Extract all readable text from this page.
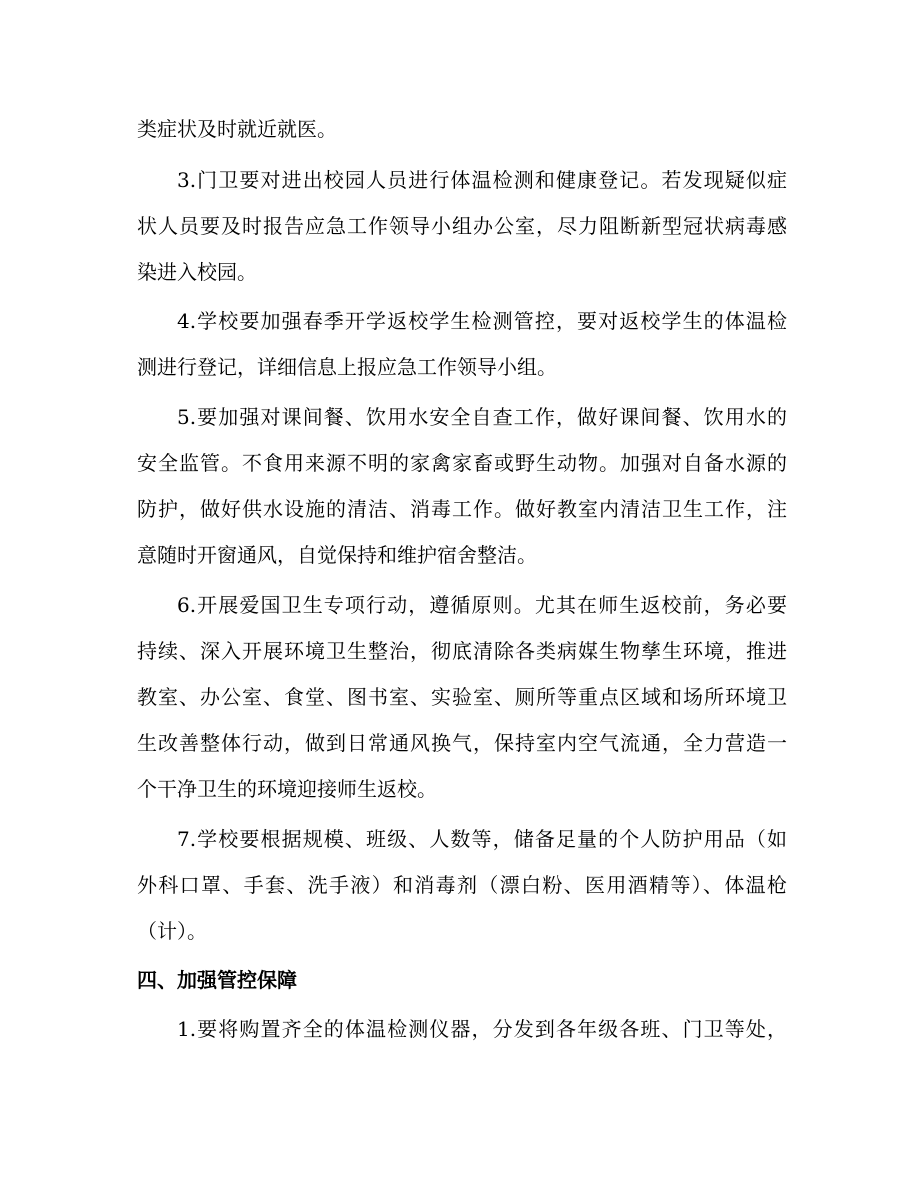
类症状及时就近就医。
3.门卫要对进出校园人员进行体温检测和健康登记。若发现疑似症
状人员要及时报告应急工作领导小组办公室，尽力阻断新型冠状病毒感
染进入校园。
4.学校要加强春季开学返校学生检测管控，要对返校学生的体温检
测进行登记，详细信息上报应急工作领导小组。
5.要加强对课间餐、饮用水安全自查工作，做好课间餐、饮用水的
安全监管。不食用来源不明的家禽家畜或野生动物。加强对自备水源的
防护，做好供水设施的清洁、消毒工作。做好教室内清洁卫生工作，注
意随时开窗通风，自觉保持和维护宿舍整洁。
6.开展爱国卫生专项行动，遵循原则。尤其在师生返校前，务必要
持续、深入开展环境卫生整治，彻底清除各类病媒生物孳生环境，推进
教室、办公室、食堂、图书室、实验室、厕所等重点区域和场所环境卫
生改善整体行动，做到日常通风换气，保持室内空气流通，全力营造一
个干净卫生的环境迎接师生返校。
7.学校要根据规模、班级、人数等，储备足量的个人防护用品（如
外科口罩、手套、洗手液）和消毒剂（漂白粉、医用酒精等）、体温枪
（计）。
四、加强管控保障
1.要将购置齐全的体温检测仪器，分发到各年级各班、门卫等处，
